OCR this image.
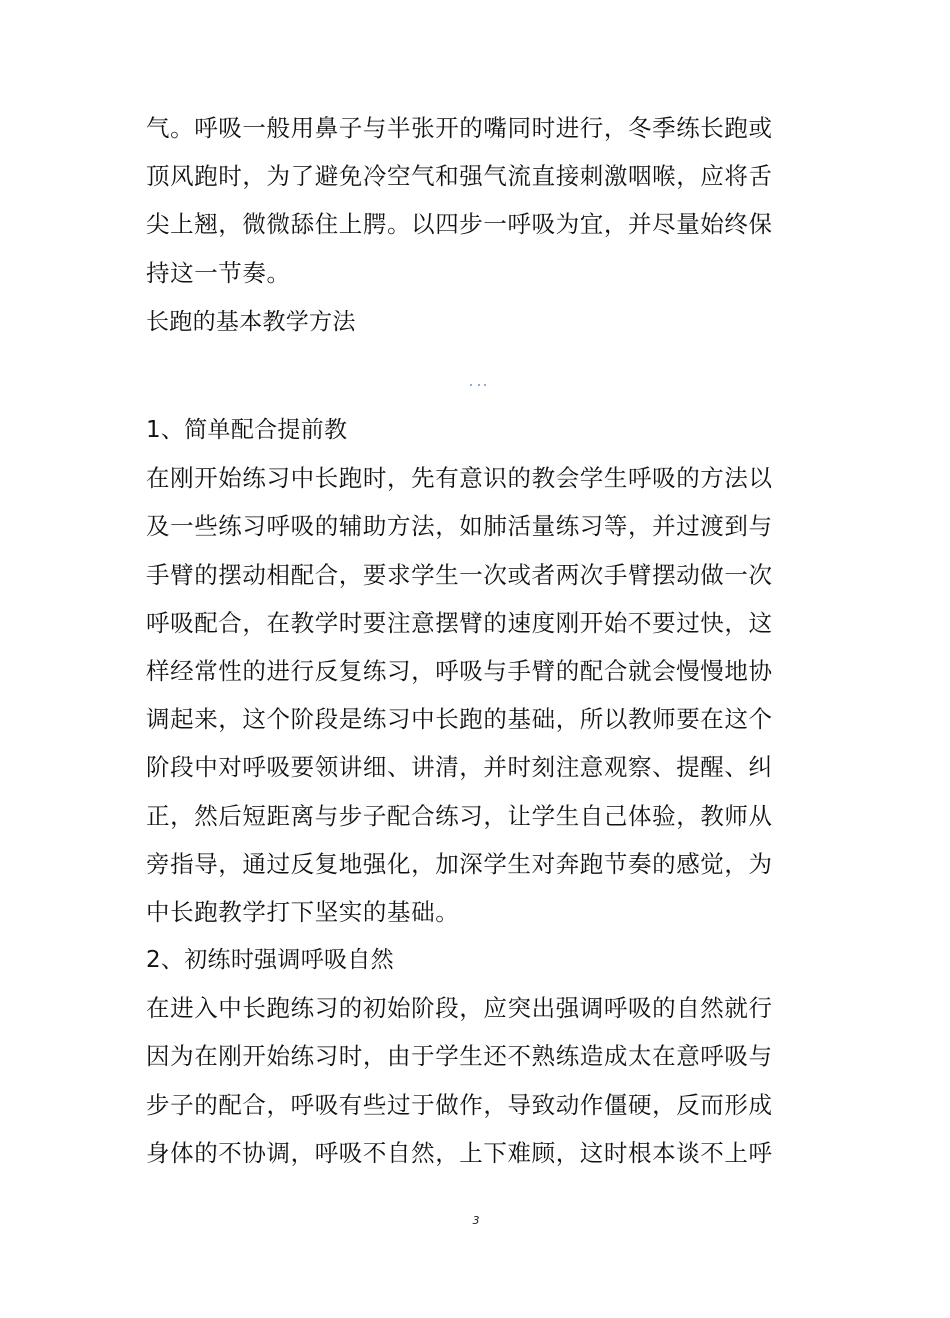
气。呼吸一般用鼻子与半张开的嘴同时进行，冬季练长跑或
顶风跑时，为了避免冷空气和强气流直接刺激咽喉，应将舌
尖上翘，微微舔住上腭。以四步一呼吸为宜，并尽量始终保
持这一节奏。
长跑的基本教学方法
1、简单配合提前教
在刚开始练习中长跑时，先有意识的教会学生呼吸的方法以
及一些练习呼吸的辅助方法，如肺活量练习等，并过渡到与
手臂的摆动相配合，要求学生一次或者两次手臂摆动做一次
呼吸配合，在教学时要注意摆臂的速度刚开始不要过快，这
样经常性的进行反复练习，呼吸与手臂的配合就会慢慢地协
调起来，这个阶段是练习中长跑的基础，所以教师要在这个
阶段中对呼吸要领讲细、讲清，并时刻注意观察、提醒、纠
正，然后短距离与步子配合练习，让学生自己体验，教师从
旁指导，通过反复地强化，加深学生对奔跑节奏的感觉，为
中长跑教学打下坚实的基础。
2、初练时强调呼吸自然
在进入中长跑练习的初始阶段，应突出强调呼吸的自然就行
因为在刚开始练习时，由于学生还不熟练造成太在意呼吸与
步子的配合，呼吸有些过于做作，导致动作僵硬，反而形成
身体的不协调，呼吸不自然，上下难顾，这时根本谈不上呼
3
